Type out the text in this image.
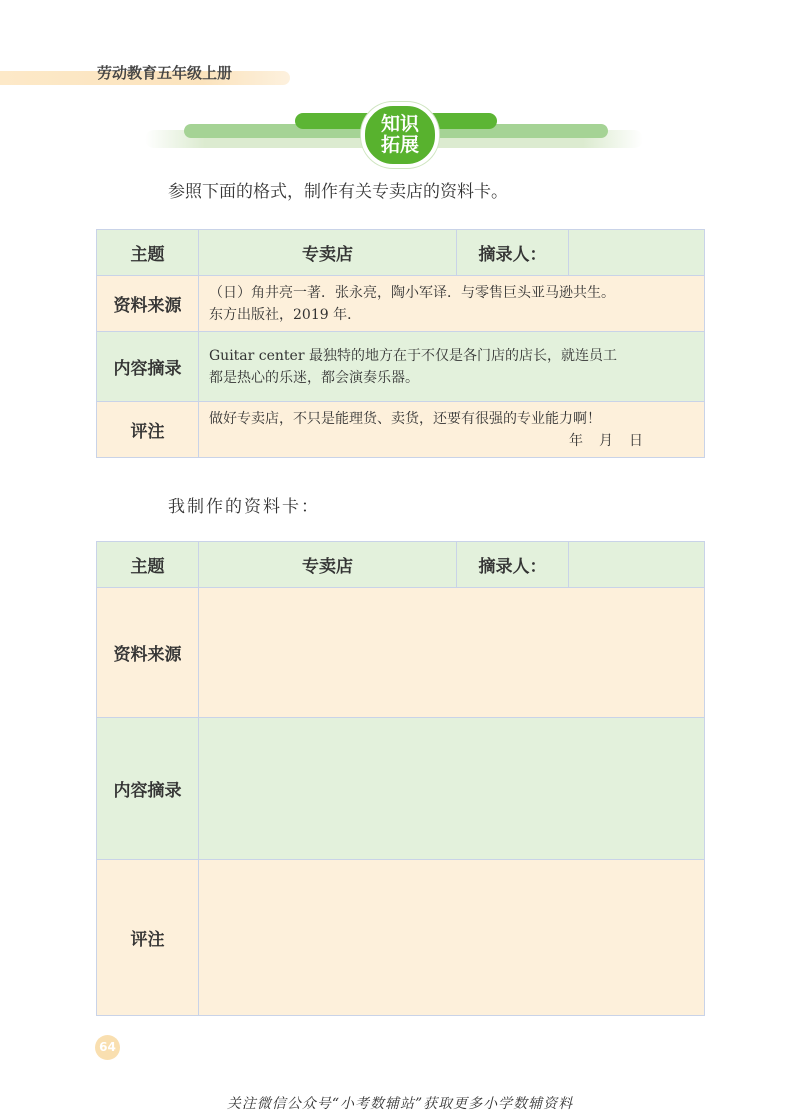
劳动教育五年级上册
知识
拓展
参照下面的格式，制作有关专卖店的资料卡。
主题	专卖店	摘录人：	
资料来源	（日）角井亮一著．张永亮，陶小军译．与零售巨头亚马逊共生。
东方出版社，2019 年．		

内容摘录	Guitar center 最独特的地方在于不仅是各门店的店长，就连员工
都是热心的乐迷，都会演奏乐器。		

评注	做好专卖店，不只是能理货、卖货，还要有很强的专业能力啊！
年　月　日		
我制作的资料卡：
主题	专卖店	摘录人：	
资料来源			
内容摘录			
评注			
64
关注微信公众号“小考数辅站”获取更多小学数辅资料
